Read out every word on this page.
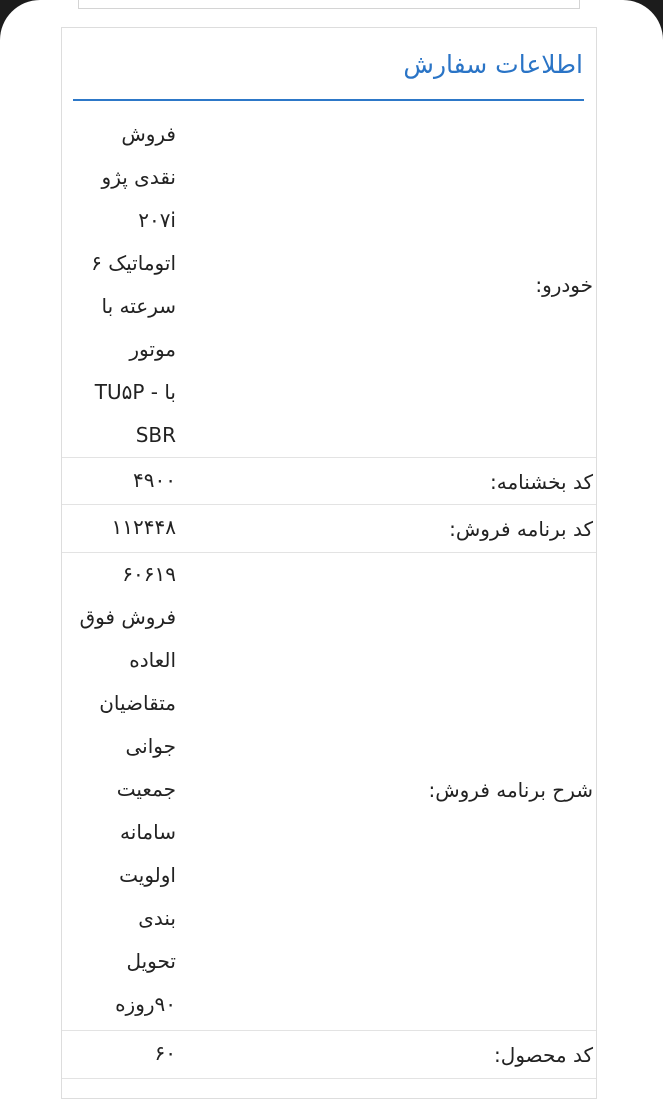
اطلاعات سفارش
خودرو:
فروش
نقدی پژو
۲۰۷i
اتوماتیک ۶
سرعته با
موتور
TU۵P - با
SBR
کد بخشنامه:
۴۹۰۰
کد برنامه فروش:
۱۱۲۴۴۸
شرح برنامه فروش:
۶۰۶۱۹
فروش فوق
العاده
متقاضیان
جوانی
جمعیت
سامانه
اولویت
بندی
تحویل
۹۰روزه
کد محصول:
۶۰
